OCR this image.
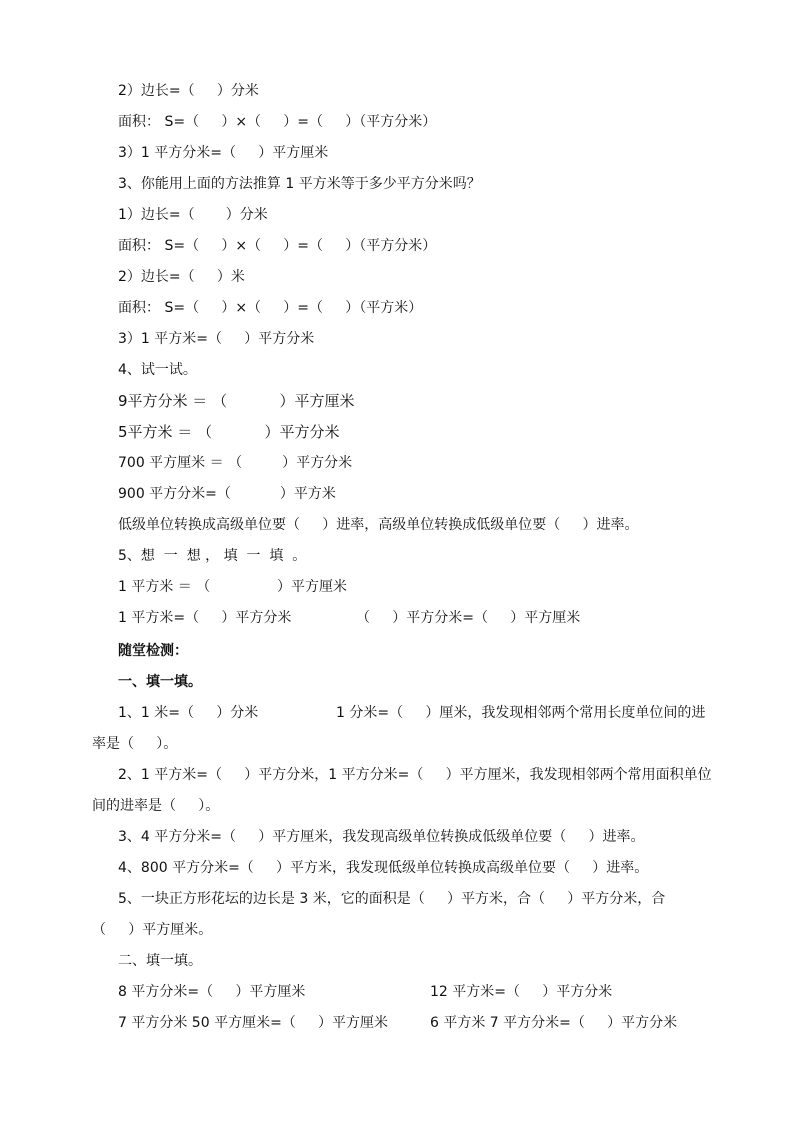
2）边长=（     ）分米
面积： S=（     ）×（     ）=（     ）（平方分米）
3）1 平方分米=（     ）平方厘米
3、你能用上面的方法推算 1 平方米等于多少平方分米吗？
1）边长=（       ）分米
面积： S=（     ）×（     ）=（     ）（平方分米）
2）边长=（     ）米
面积： S=（     ）×（     ）=（     ）（平方米）
3）1 平方米=（     ）平方分米
4、试一试。
9平方分米 ＝ （           ）平方厘米
5平方米 ＝ （           ）平方分米
700 平方厘米 ＝ （         ）平方分米
900 平方分米=（           ）平方米
低级单位转换成高级单位要（     ）进率，高级单位转换成低级单位要（     ）进率。
5、想  一  想 ， 填  一  填  。
1 平方米 ＝ （               ）平方厘米
1 平方米=（     ）平方分米	（     ）平方分米=（     ）平方厘米
随堂检测：
一、填一填。
1、1 米=（     ）分米	1 分米=（     ）厘米，我发现相邻两个常用长度单位间的进
率是（     ）。
2、1 平方米=（     ）平方分米，1 平方分米=（     ）平方厘米，我发现相邻两个常用面积单位
间的进率是（     ）。
3、4 平方分米=（     ）平方厘米，我发现高级单位转换成低级单位要（     ）进率。
4、800 平方分米=（     ）平方米，我发现低级单位转换成高级单位要（     ）进率。
5、一块正方形花坛的边长是 3 米，它的面积是（     ）平方米，合（     ）平方分米，合
（     ）平方厘米。
二、填一填。
8 平方分米=（     ）平方厘米	12 平方米=（     ）平方分米
7 平方分米 50 平方厘米=（     ）平方厘米	6 平方米 7 平方分米=（     ）平方分米
